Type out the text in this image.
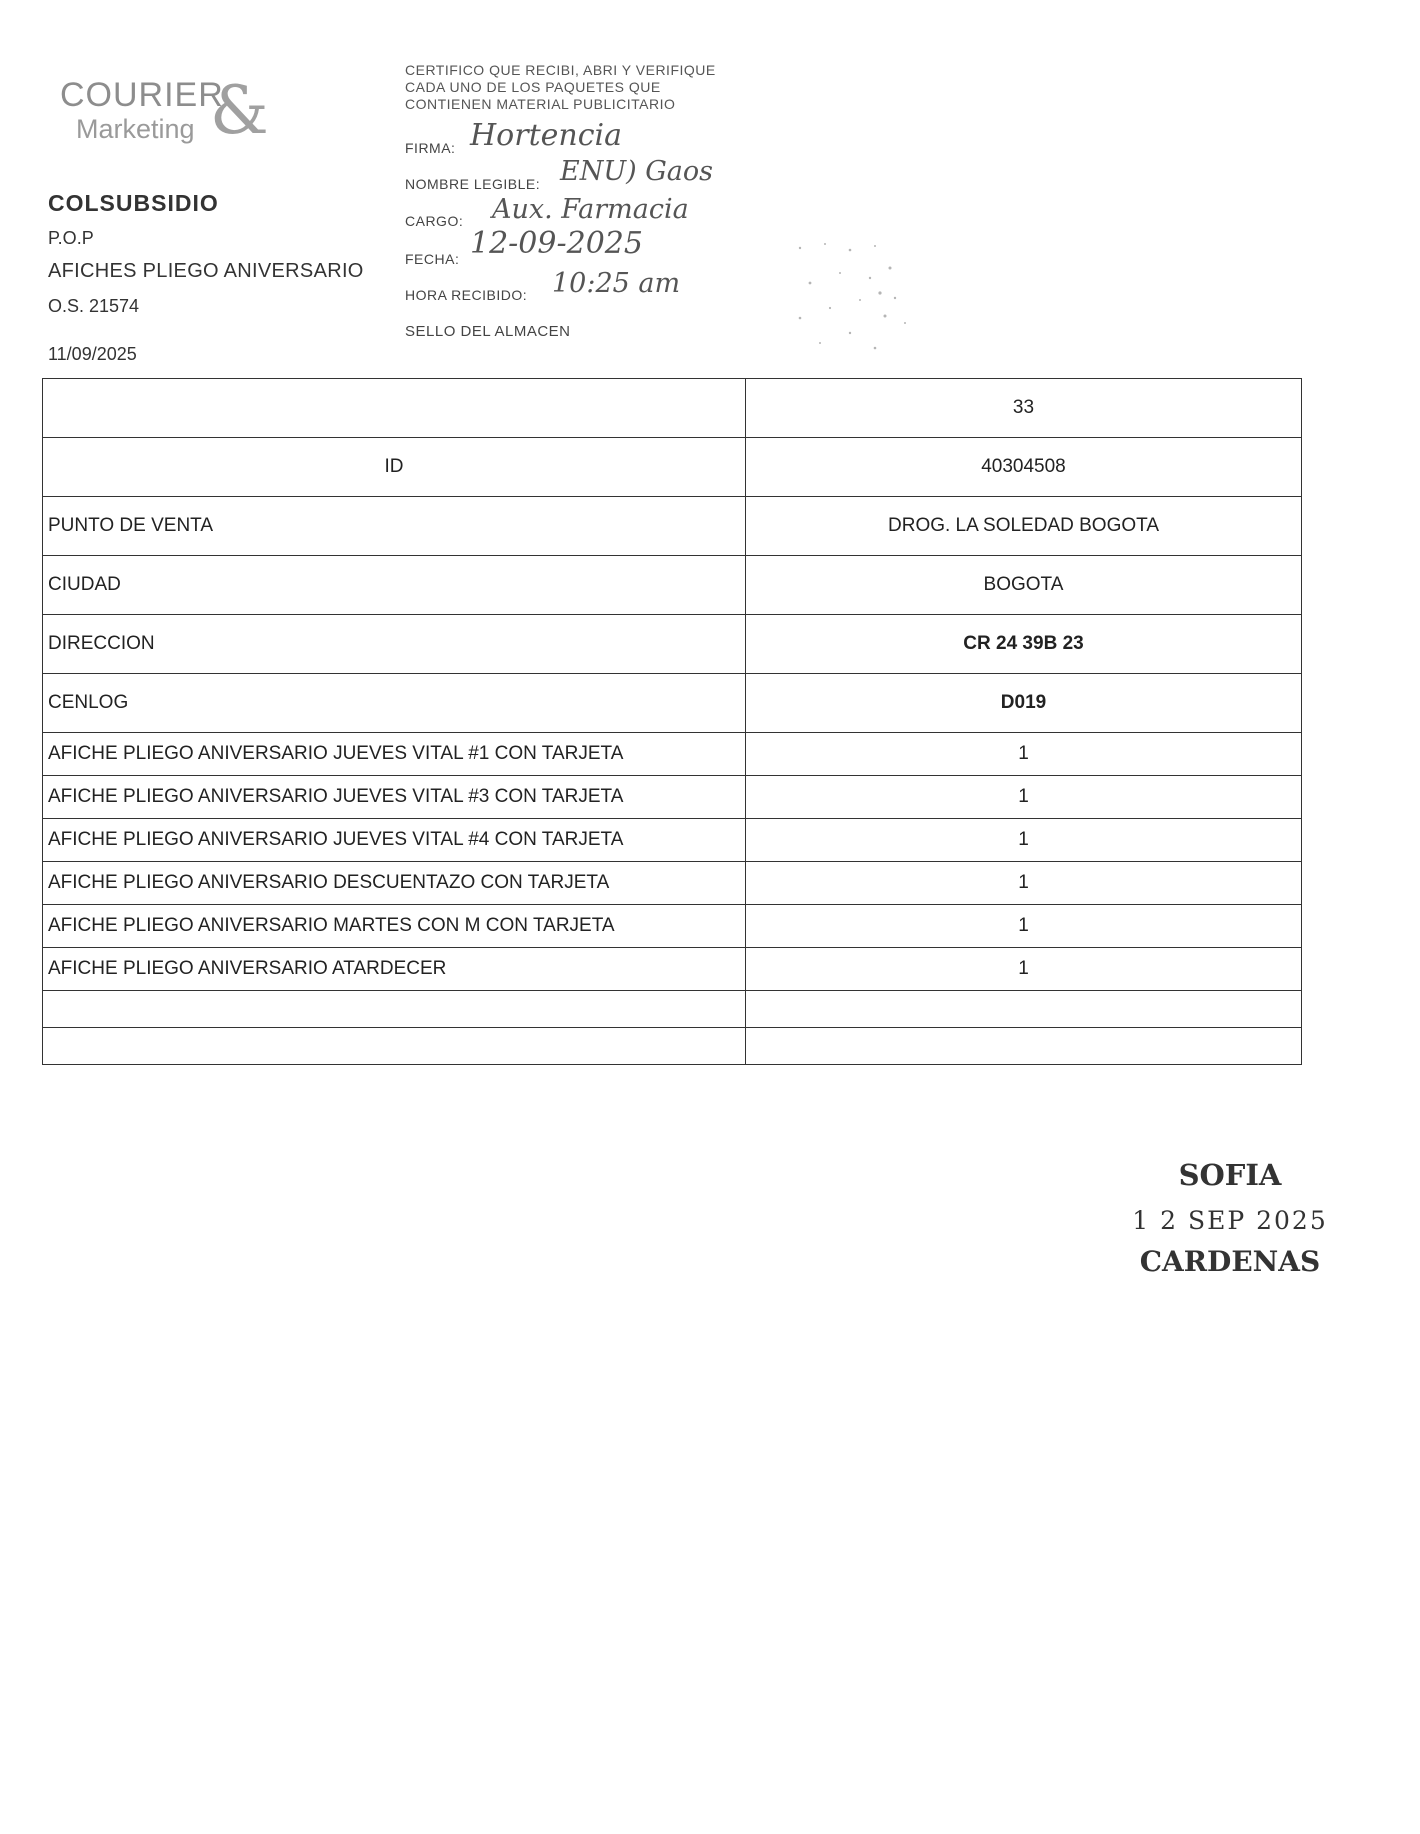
COURIER
Marketing &
COLSUBSIDIO
P.O.P
AFICHES PLIEGO ANIVERSARIO
O.S. 21574
11/09/2025
CERTIFICO QUE RECIBI, ABRI Y VERIFIQUE
CADA UNO DE LOS PAQUETES QUE
CONTIENEN MATERIAL PUBLICITARIO
FIRMA: Hortencia
NOMBRE LEGIBLE: ENU) Gaos
CARGO: Aux. Farmacia
FECHA: 12-09-2025
HORA RECIBIDO: 10:25 am
SELLO DEL ALMACEN
	33
ID	40304508
PUNTO DE VENTA	DROG. LA SOLEDAD BOGOTA
CIUDAD	BOGOTA
DIRECCION	CR 24 39B 23
CENLOG	D019
AFICHE PLIEGO ANIVERSARIO JUEVES VITAL #1 CON TARJETA	1
AFICHE PLIEGO ANIVERSARIO JUEVES VITAL #3 CON TARJETA	1
AFICHE PLIEGO ANIVERSARIO JUEVES VITAL #4 CON TARJETA	1
AFICHE PLIEGO ANIVERSARIO DESCUENTAZO CON TARJETA	1
AFICHE PLIEGO ANIVERSARIO MARTES CON M CON TARJETA	1
AFICHE PLIEGO ANIVERSARIO ATARDECER	1

SOFIA
1 2 SEP 2025
CARDENAS
